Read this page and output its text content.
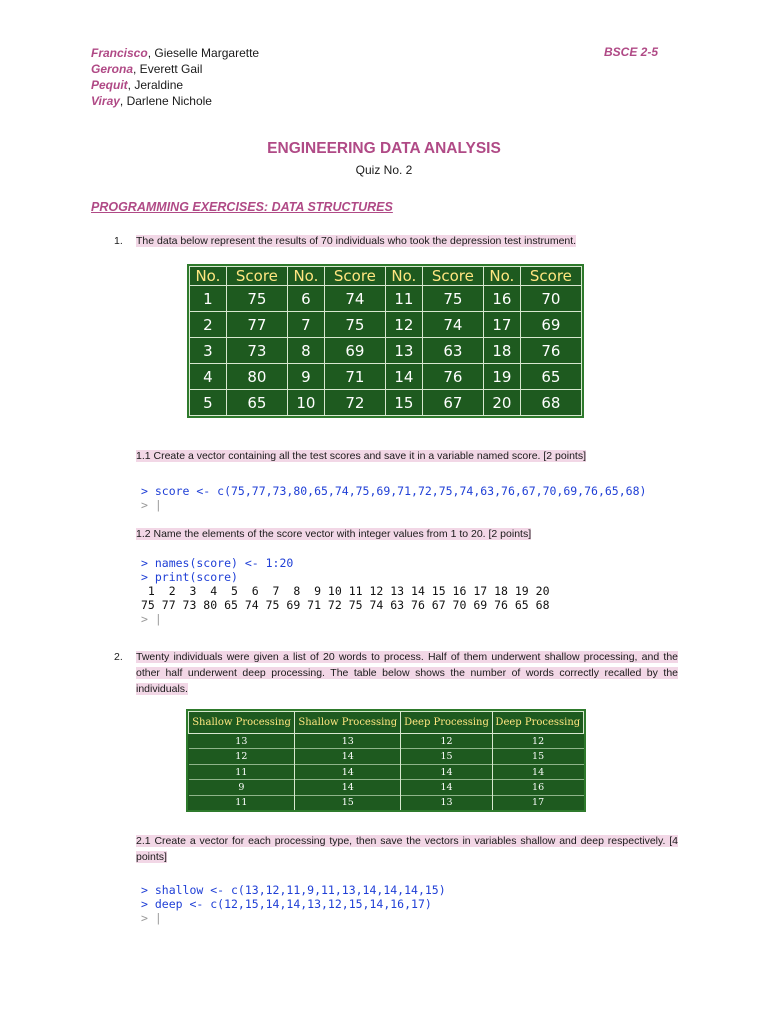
Francisco, Gieselle Margarette
Gerona, Everett Gail
Pequit, Jeraldine
Viray, Darlene Nichole
BSCE 2-5
ENGINEERING DATA ANALYSIS
Quiz No. 2
PROGRAMMING EXERCISES: DATA STRUCTURES
1. The data below represent the results of 70 individuals who took the depression test instrument.
No.	Score	No.	Score	No.	Score	No.	Score
1	75	6	74	11	75	16	70
2	77	7	75	12	74	17	69
3	73	8	69	13	63	18	76
4	80	9	71	14	76	19	65
5	65	10	72	15	67	20	68
1.1 Create a vector containing all the test scores and save it in a variable named score. [2 points]
> score <- c(75,77,73,80,65,74,75,69,71,72,75,74,63,76,67,70,69,76,65,68)
> |
1.2 Name the elements of the score vector with integer values from 1 to 20. [2 points]
> names(score) <- 1:20
> print(score)
1  2  3  4  5  6  7  8  9 10 11 12 13 14 15 16 17 18 19 20
75 77 73 80 65 74 75 69 71 72 75 74 63 76 67 70 69 76 65 68
> |
2. Twenty individuals were given a list of 20 words to process. Half of them underwent shallow processing, and the other half underwent deep processing. The table below shows the number of words correctly recalled by the individuals.
Shallow Processing	Shallow Processing	Deep Processing	Deep Processing
13	13	12	12
12	14	15	15
11	14	14	14
9	14	14	16
11	15	13	17
2.1 Create a vector for each processing type, then save the vectors in variables shallow and deep respectively. [4 points]
> shallow <- c(13,12,11,9,11,13,14,14,14,15)
> deep <- c(12,15,14,14,13,12,15,14,16,17)
> |
